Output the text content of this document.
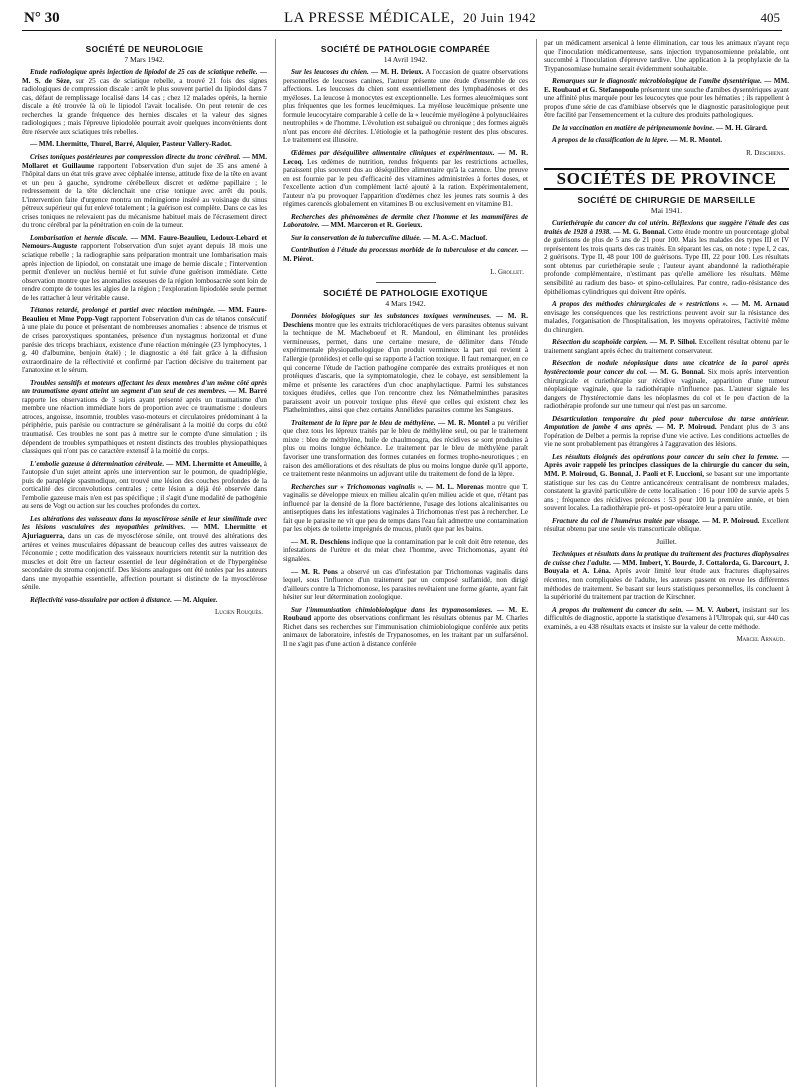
N° 30	LA PRESSE MÉDICALE, 20 Juin 1942	405
SOCIÉTÉ DE NEUROLOGIE
7 Mars 1942.

Etude radiologique après injection de lipiodol de 25 cas de sciatique rebelle. — M. S. de Sèze, sur 25 cas de sciatique rebelle, a trouvé 21 fois des signes radiologiques de compression discale : arrêt le plus souvent partiel du lipiodol dans 7 cas, défaut de remplissage localisé dans 14 cas ; chez 12 malades opérés, la hernie discale a été trouvée là où le lipiodol l'avait localisée. On peut retenir de ces recherches la grande fréquence des hernies discales et la valeur des signes radiologiques ; mais l'épreuve lipiodolée pourrait avoir quelques inconvénients dont être réservée aux sciatiques très rebelles.

— MM. Lhermitte, Thurel, Barré, Alquier, Pasteur Vallery-Radot.

Crises toniques postérieures par compression directe du tronc cérébral. — MM. Mollaret et Guillaume rapportent l'observation d'un sujet de 35 ans amené à l'hôpital dans un état très grave avec céphalée intense, attitude fixe de la tête en avant et un peu à gauche, syndrome cérébelleux discret et œdème papillaire ; le redressement de la tête déclenchait une crise tonique avec arrêt du pouls. L'intervention faite d'urgence montra un méningiome inséré au voisinage du sinus pétreux supérieur qui fut enlevé totalement ; la guérison est complète. Dans ce cas les crises toniques ne relevaient pas du mécanisme habituel mais de l'écrasement direct du tronc cérébral par la pénétration en coin de la tumeur.

Lombarisation et hernie discale. — MM. Faure-Beaulieu, Ledoux-Lebard et Nemours-Auguste rapportent l'observation d'un sujet ayant depuis 18 mois une sciatique rebelle ; la radiographie sans préparation montrait une lombarisation mais après injection de lipiodol, on constatait une image de hernie discale ; l'intervention permit d'enlever un nucléus hernié et fut suivie d'une guérison immédiate. Cette observation montre que les anomalies osseuses de la région lombosacrée sont loin de rendre compte de toutes les algies de la région ; l'exploration lipiodolée seule permet de les rattacher à leur véritable cause.

Tétanos retardé, prolongé et partiel avec réaction méningée. — MM. Faure-Beaulieu et Mme Popp-Vogt rapportent l'observation d'un cas de tétanos consécutif à une plaie du pouce et présentant de nombreuses anomalies : absence de trismus et de crises paroxystiques spontanées, présence d'un nystagmus horizontal et d'une parésie des triceps brachiaux, existence d'une réaction méningée (23 lymphocytes, 1 g. 40 d'albumine, benjoin étalé) ; le diagnostic a été fait grâce à la diffusion extraordinaire de la réflectivité et confirmé par l'action décisive du traitement par l'anatoxine et le sérum.

Troubles sensitifs et moteurs affectant les deux membres d'un même côté après un traumatisme ayant atteint un segment d'un seul de ces membres. — M. Barré rapporte les observations de 3 sujets ayant présenté après un traumatisme d'un membre une réaction immédiate hors de proportion avec ce traumatisme : douleurs atroces, angoisse, insomnie, troubles vaso-moteurs et circulatoires prédominant à la périphérie, puis parésie ou contracture se généralisant à la moitié du corps du côté traumatisé. Ces troubles ne sont pas à mettre sur le compte d'une simulation ; ils dépendent de troubles sympathiques et restent distincts des troubles physiopathiques classiques qui n'ont pas ce caractère extensif à la moitié du corps.

L'embolie gazeuse à détermination cérébrale. — MM. Lhermitte et Ameuille, à l'autopsie d'un sujet atteint après une intervention sur le poumon, de quadriplégie, puis de paraplégie spasmodique, ont trouvé une lésion des couches profondes de la corticalité des circonvolutions centrales ; cette lésion a déjà été observée dans l'embolie gazeuse mais n'en est pas spécifique ; il s'agit d'une modalité de pathogénie au sens de Vogt ou action sur les couches profondes du cortex.

Les altérations des vaisseaux dans la myosclérose sénile et leur similitude avec les lésions vasculaires des myopathies primitives. — MM. Lhermitte et Ajuriaguerra, dans un cas de myosclérose sénile, ont trouvé des altérations des artères et veines musculaires dépassant de beaucoup celles des autres vaisseaux de l'économie ; cette modification des vaisseaux nourriciers retentit sur la nutrition des muscles et doit être un facteur essentiel de leur dégénération et de l'hypergénèse secondaire du stroma conjonctif. Des lésions analogues ont été notées par les auteurs dans une myopathie essentielle, affection pourtant si distincte de la myosclérose sénile.

Réflectivité vaso-tissulaire par action à distance. — M. Alquier.

Lucien Rouquès.
SOCIÉTÉ DE PATHOLOGIE COMPARÉE
14 Avril 1942.

Sur les leucoses du chien. — M. H. Drieux. A l'occasion de quatre observations personnelles de leucoses canines, l'auteur présente une étude d'ensemble de ces affections. Les leucoses du chien sont essentiellement des lymphadénoses et des myéloses. La leucose à monocytes est exceptionnelle. Les formes aleucémiques sont plus fréquentes que les formes leucémiques. La myélose leucémique présente une formule leucocytaire comparable à celle de la « leucémie myélogène à polynucléaires neutrophiles » de l'homme. L'évolution est subaiguë ou chronique ; des formes aiguës n'ont pas encore été décrites. L'étiologie et la pathogénie restent des plus obscures. Le traitement est illusoire.

Œdèmes par déséquilibre alimentaire cliniques et expérimentaux. — M. R. Lecoq. Les œdèmes de nutrition, rendus fréquents par les restrictions actuelles, paraissent plus souvent dus au déséquilibre alimentaire qu'à la carence. Une preuve en est fournie par le peu d'efficacité des vitamines administrées à fortes doses, et l'excellente action d'un complément lacté ajouté à la ration. Expérimentalement, l'auteur n'a pu provoquer l'apparition d'œdèmes chez les jeunes rats soumis à des régimes carencés globalement en vitamines B ou exclusivement en vitamine B1.

Recherches des phénomènes de dermite chez l'homme et les mammifères de Laboratoire. — MM. Marceron et R. Gorieux.

Sur la conservation de la tuberculine diluée. — M. A.-C. Macluof.

Contribution à l'étude du processus morbide de la tuberculose et du cancer. — M. Piérot.

L. Grollet.
SOCIÉTÉ DE PATHOLOGIE EXOTIQUE
4 Mars 1942.

Données biologiques sur les substances toxiques vermineuses. — M. R. Deschiens montre que les extraits trichloracétiques de vers parasites obtenus suivant la technique de M. Macheboeuf et R. Mandoul, en éliminant les protéides vermineuses, permet, dans une certaine mesure, de délimiter dans l'étude expérimentale physiopathologique d'un produit vermineux la part qui revient à l'allergie (protéides) et celle qui se rapporte à l'action toxique. Il faut remarquer, en ce qui concerne l'étude de l'action pathogène comparée des extraits protéiques et non protéiques d'ascaris, que la symptomatologie, chez le cobaye, est sensiblement la même et présente les caractères d'un choc anaphylactique. Parmi les substances toxiques étudiées, celles que l'on rencontre chez les Némathelminthes parasites paraissent avoir un pouvoir toxique plus élevé que celles qui existent chez les Plathelminthes, ainsi que chez certains Annélides parasites comme les Sangsues.

Traitement de la lèpre par le bleu de méthylène. — M. R. Montel a pu vérifier que chez tous les lépreux traités par le bleu de méthylène seul, ou par le traitement mixte : bleu de méthylène, huile de chaulmoogra, des récidives se sont produites à plus ou moins longue échéance. Le traitement par le bleu de méthylène paraît favoriser une transformation des formes cutanées en formes tropho-neurotiques ; en raison des améliorations et des résultats de plus ou moins longue durée qu'il apporte, ce traitement reste néanmoins un adjuvant utile du traitement de fond de la lèpre.

Recherches sur « Trichomonas vaginalis ». — M. L. Morenas montre que T. vaginalis se développe mieux en milieu alcalin qu'en milieu acide et que, n'étant pas influencé par la densité de la flore bactérienne, l'usage des lotions alcalinisantes ou antiseptiques dans les infestations vaginales à Trichomonas n'est pas à rechercher. Le fait que le parasite ne vit que peu de temps dans l'eau fait admettre une contamination par les objets de toilette imprégnés de mucus, plutôt que par les bains.

— M. R. Deschiens indique que la contamination par le coït doit être retenue, des infestations de l'urètre et du méat chez l'homme, avec Trichomonas, ayant été signalées.

— M. R. Pons a observé un cas d'infestation par Trichomonas vaginalis dans lequel, sous l'influence d'un traitement par un composé sulfamidé, non dirigé d'ailleurs contre la Trichomonose, les parasites revêtaient une forme géante, ayant fait hésiter sur leur détermination zoologique.

Sur l'immunisation chimiobiologique dans les trypanosomiases. — M. E. Roubaud apporte des observations confirmant les résultats obtenus par M. Charles Richet dans ses recherches sur l'immunisation chimiobiologique conférée aux petits animaux de laboratoire, infestés de Trypanosomes, en les traitant par un sulfarsénol. Il ne s'agit pas d'une action à distance conférée

par un médicament arsenical à lente élimination, car tous les animaux n'ayant reçu que l'inoculation médicamenteuse, sans injection trypanosomienne préalable, ont succombé à l'inoculation d'épreuve tardive. Une application à la prophylaxie de la Trypanosomiase humaine serait évidemment souhaitable.

Remarques sur le diagnostic microbiologique de l'amibe dysentérique. — MM. E. Roubaud et G. Stefanopoulo présentent une souche d'amibes dysentériques ayant une affinité plus marquée pour les leucocytes que pour les hématies ; ils rappellent à propos d'une série de cas d'amibiase observés que le diagnostic parasitologique peut être facilité par l'ensemencement et la culture des produits pathologiques.

De la vaccination en matière de péripneumonie bovine. — M. H. Girard.

A propos de la classification de la lèpre. — M. R. Montel.

R. Deschiens.
SOCIÉTÉS DE PROVINCE
SOCIÉTÉ DE CHIRURGIE DE MARSEILLE
Mai 1941.

Curiethérapie du cancer du col utérin. Réflexions que suggère l'étude des cas traités de 1928 à 1938. — M. G. Bonnal. Cette étude montre un pourcentage global de guérisons de plus de 5 ans de 21 pour 100. Mais les malades des types III et IV représentent les trois quarts des cas traités. En séparant les cas, on note : type I, 2 cas, 2 guérisons. Type II, 48 pour 100 de guérisons. Type III, 22 pour 100. Les résultats sont obtenus par curiethérapie seule ; l'auteur ayant abandonné la radiothérapie profonde complémentaire, n'estimant pas qu'elle améliore les résultats. Même sensibilité au radium des baso- et spino-cellulaires. Par contre, radio-résistance des épithéliomas cylindriques qui doivent être opérés.

A propos des méthodes chirurgicales de « restrictions ». — M. M. Arnaud envisage les conséquences que les restrictions peuvent avoir sur la résistance des malades, l'organisation de l'hospitalisation, les moyens opératoires, l'activité même du chirurgien.

Résection du scaphoïde carpien. — M. P. Silhol. Excellent résultat obtenu par le traitement sanglant après échec du traitement conservateur.

Résection de nodule néoplasique dans une cicatrice de la paroi après hystérectomie pour cancer du col. — M. G. Bonnal. Six mois après intervention chirurgicale et curiethérapie sur récidive vaginale, apparition d'une tumeur néoplasique vaginale, que la radiothérapie n'influence pas. L'auteur signale les dangers de l'hystérectomie dans les néoplasmes du col et le peu d'action de la radiothérapie profonde sur une tumeur qui n'est pas un sarcome.

Désarticulation temporaire du pied pour tuberculose du tarse antérieur. Amputation de jambe 4 ans après. — M. P. Moiroud. Pendant plus de 3 ans l'opération de Delbet a permis la reprise d'une vie active. Les conditions actuelles de vie ne sont probablement pas étrangères à l'aggravation des lésions.

Les résultats éloignés des opérations pour cancer du sein chez la femme. — Après avoir rappelé les principes classiques de la chirurgie du cancer du sein, MM. P. Moiroud, G. Bonnal, J. Paoli et F. Luccioni, se basant sur une importante statistique sur les cas du Centre anticancéreux centralisant de nombreux malades, constatent la gravité particulière de cette localisation : 16 pour 100 de survie après 5 ans ; fréquence des récidives précoces : 53 pour 100 la première année, et bien souvent locales. La radiothérapie pré- et post-opératoire leur a paru utile.

Fracture du col de l'humérus traitée par vissage. — M. P. Moiroud. Excellent résultat obtenu par une seule vis transcorticale oblique.

Juillet.

Techniques et résultats dans la pratique du traitement des fractures diaphysaires de cuisse chez l'adulte. — MM. Imbert, Y. Bourde, J. Cottalorda, G. Darcourt, J. Bouyala et A. Léna. Après avoir limité leur étude aux fractures diaphysaires récentes, non compliquées de l'adulte, les auteurs passent en revue les différentes méthodes de traitement. Se basant sur leurs statistiques personnelles, ils concluent à la supériorité du traitement par traction de Kirschner.

A propos du traitement du cancer du sein. — M. V. Aubert, insistant sur les difficultés de diagnostic, apporte la statistique d'examens à l'Ultropak qui, sur 440 cas examinés, a eu 438 résultats exacts et insiste sur la valeur de cette méthode.

Marcel Arnaud.
